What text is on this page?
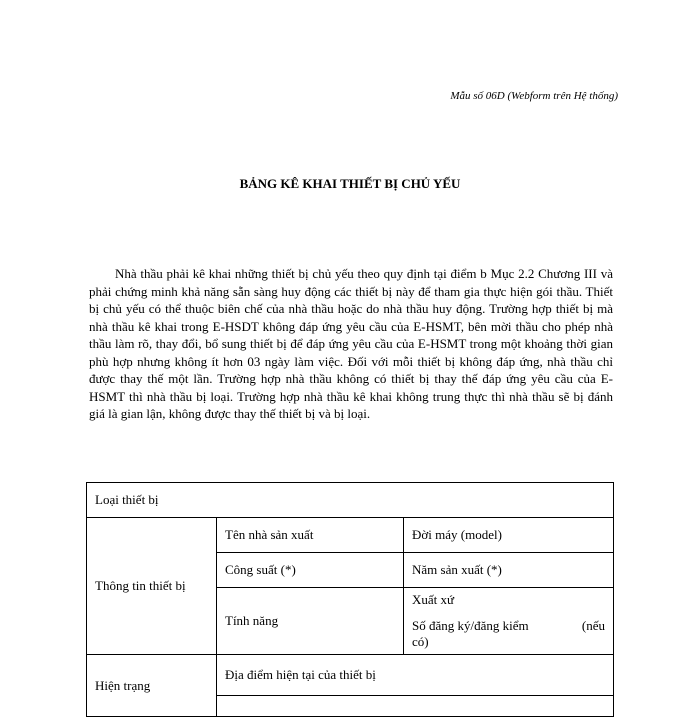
Mẫu số 06D (Webform trên Hệ thống)
BẢNG KÊ KHAI THIẾT BỊ CHỦ YẾU

Nhà thầu phải kê khai những thiết bị chủ yếu theo quy định tại điểm b Mục 2.2 Chương III và phải chứng minh khả năng sẵn sàng huy động các thiết bị này để tham gia thực hiện gói thầu. Thiết bị chủ yếu có thể thuộc biên chế của nhà thầu hoặc do nhà thầu huy động. Trường hợp thiết bị mà nhà thầu kê khai trong E-HSDT không đáp ứng yêu cầu của E-HSMT, bên mời thầu cho phép nhà thầu làm rõ, thay đổi, bổ sung thiết bị để đáp ứng yêu cầu của E-HSMT trong một khoảng thời gian phù hợp nhưng không ít hơn 03 ngày làm việc. Đối với mỗi thiết bị không đáp ứng, nhà thầu chỉ được thay thế một lần. Trường hợp nhà thầu không có thiết bị thay thế đáp ứng yêu cầu của E-HSMT thì nhà thầu bị loại. Trường hợp nhà thầu kê khai không trung thực thì nhà thầu sẽ bị đánh giá là gian lận, không được thay thế thiết bị và bị loại.

Loại thiết bị		
Thông tin thiết bị	Tên nhà sản xuất	Đời máy (model)
	Công suất (*)	Năm sản xuất (*)
	Tính năng	Xuất xứ
Số đăng ký/đăng kiểm (nếu
có)

Hiện trạng	Địa điểm hiện tại của thiết bị	
